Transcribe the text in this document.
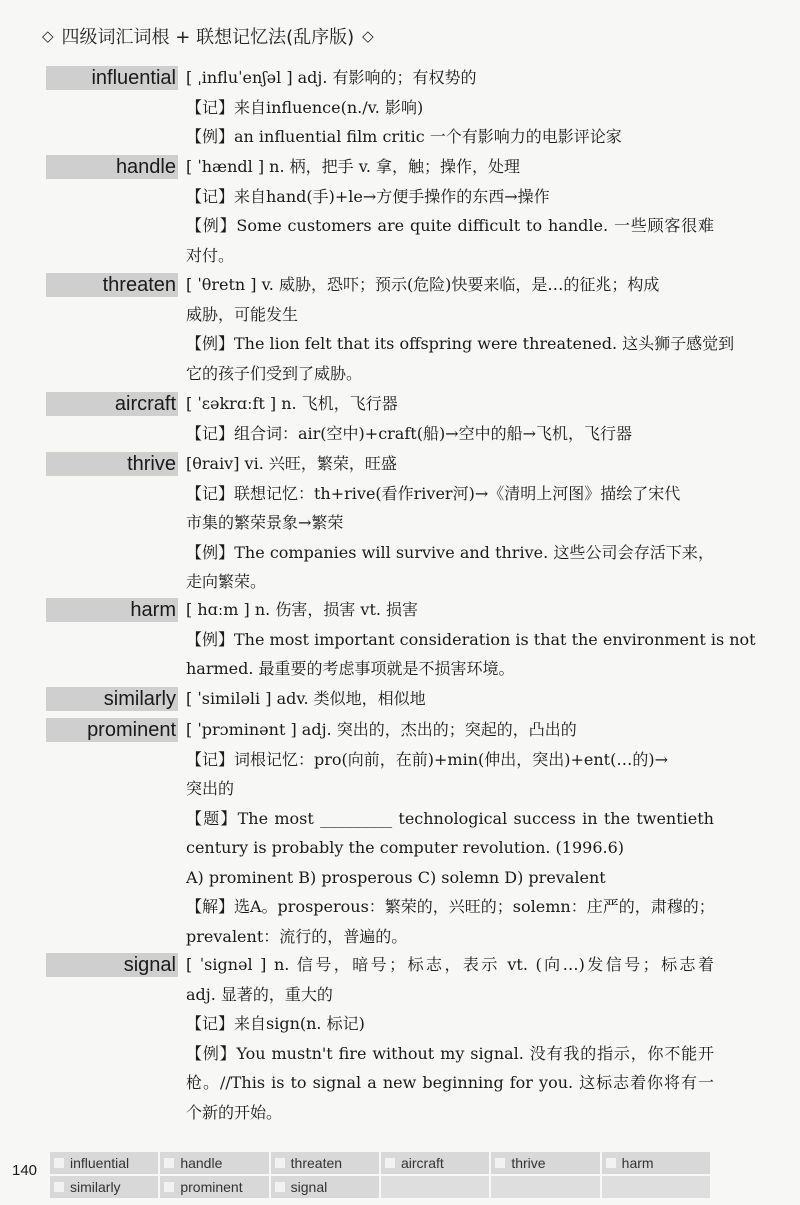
◇ 四级词汇词根 + 联想记忆法(乱序版) ◇
influential [ ˌinfluˈenʃəl ] adj. 有影响的；有权势的
【记】来自influence(n./v. 影响)
【例】an influential film critic 一个有影响力的电影评论家
handle [ ˈhændl ] n. 柄，把手 v. 拿，触；操作，处理
【记】来自hand(手)+le→方便手操作的东西→操作
【例】Some customers are quite difficult to handle. 一些顾客很难
对付。
threaten [ ˈθretn ] v. 威胁，恐吓；预示(危险)快要来临，是…的征兆；构成
威胁，可能发生
【例】The lion felt that its offspring were threatened. 这头狮子感觉到
它的孩子们受到了威胁。
aircraft [ ˈɛəkrɑːft ] n. 飞机，飞行器
【记】组合词：air(空中)+craft(船)→空中的船→飞机，飞行器
thrive [θraiv] vi. 兴旺，繁荣，旺盛
【记】联想记忆：th+rive(看作river河)→《清明上河图》描绘了宋代
市集的繁荣景象→繁荣
【例】The companies will survive and thrive. 这些公司会存活下来，
走向繁荣。
harm [ hɑːm ] n. 伤害，损害 vt. 损害
【例】The most important consideration is that the environment is not
harmed. 最重要的考虑事项就是不损害环境。
similarly [ ˈsimiləli ] adv. 类似地，相似地
prominent [ ˈprɔminənt ] adj. 突出的，杰出的；突起的，凸出的
【记】词根记忆：pro(向前，在前)+min(伸出，突出)+ent(…的)→
突出的
【题】The most _________ technological success in the twentieth
century is probably the computer revolution. (1996.6)
A) prominent B) prosperous C) solemn D) prevalent
【解】选A。prosperous：繁荣的，兴旺的；solemn：庄严的，肃穆的；
prevalent：流行的，普遍的。
signal [ ˈsignəl ] n. 信号，暗号；标志，表示 vt. (向…)发信号；标志着
adj. 显著的，重大的
【记】来自sign(n. 标记)
【例】You mustn't fire without my signal. 没有我的指示，你不能开
枪。//This is to signal a new beginning for you. 这标志着你将有一
个新的开始。
140 influential	handle	threaten	aircraft	thrive	harm
similarly	prominent	signal
